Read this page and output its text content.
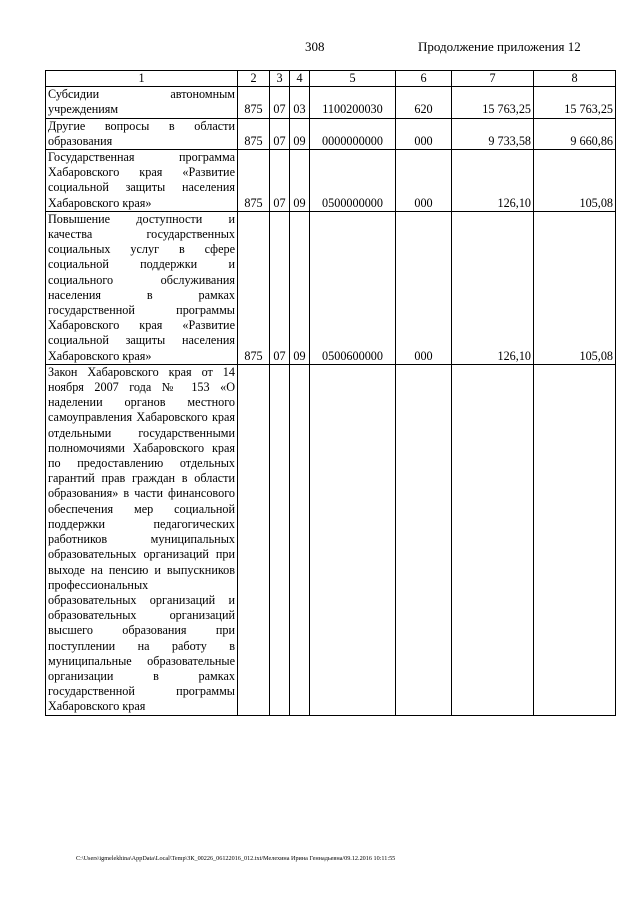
308	Продолжение приложения 12
1	2	3	4	5	6	7	8
Субсидии автономным учреждениям	875	07	03	1100200030	620	15 763,25	15 763,25
Другие вопросы в области образования	875	07	09	0000000000	000	9 733,58	9 660,86
Государственная программа Хабаровского края «Развитие социальной защиты населения Хабаровского края»	875	07	09	0500000000	000	126,10	105,08
Повышение доступности и качества государственных социальных услуг в сфере социальной поддержки и социального обслуживания населения в рамках государственной программы Хабаровского края «Развитие социальной защиты населения Хабаровского края»	875	07	09	0500600000	000	126,10	105,08
Закон Хабаровского края от 14 ноября 2007 года № 153 «О наделении органов местного самоуправления Хабаровского края отдельными государственными полномочиями Хабаровского края по предоставлению отдельных гарантий прав граждан в области образования» в части финансового обеспечения мер социальной поддержки педагогических работников муниципальных образовательных организаций при выходе на пенсию и выпускников профессиональных образовательных организаций и образовательных организаций высшего образования при поступлении на работу в муниципальные образовательные организации в рамках государственной программы Хабаровского края							
C:\Users\igmelekhina\AppData\Local\Temp\ЗК_00226_06122016_012.txt/Мелехина Ирина Геннадьевна/09.12.2016 10:11:55
